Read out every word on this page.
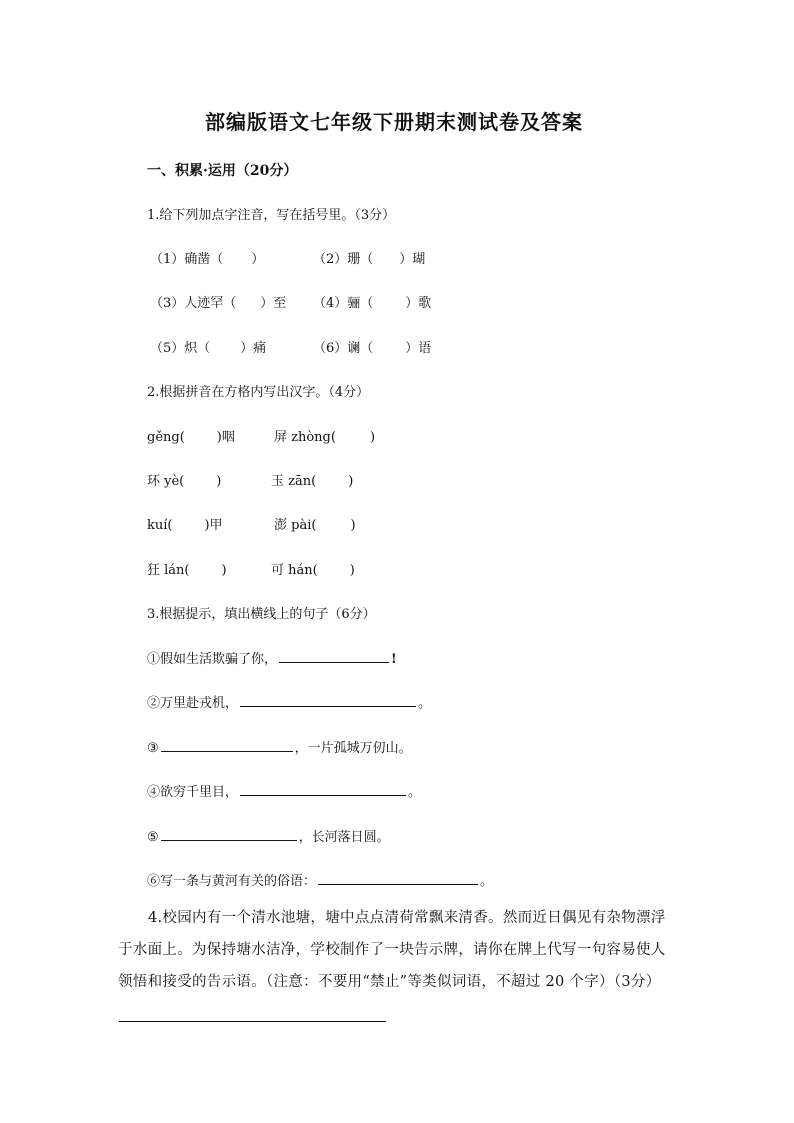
部编版语文七年级下册期末测试卷及答案
一、积累·运用（20分）
1.给下列加点字注音，写在括号里。（3分）
（1）确凿（ ）	（2）珊（ ）瑚
（3）人迹罕（ ）至 （4）骊（ ）歌
（5）炽（ ）痛	（6）谰（ ）语
2.根据拼音在方格内写出汉字。（4分）
gěng( )咽	屏 zhòng(	)
环 yè( )	玉 zān( )
kuí( )甲	澎 pài(	)
狂 lán( )	可 hán( )
3.根据提示，填出横线上的句子（6分）
①假如生活欺骗了你，	!
②万里赴戎机，	。
③	，一片孤城万仞山。
④欲穷千里目，	。
⑤	，长河落日圆。
⑥写一条与黄河有关的俗语：	。
4.校园内有一个清水池塘，塘中点点清荷常飘来清香。然而近日偶见有杂物漂浮于水面上。为保持塘水洁净，学校制作了一块告示牌，请你在牌上代写一句容易使人领悟和接受的告示语。（注意：不要用“禁止”等类似词语，不超过 20 个字）（3分）
